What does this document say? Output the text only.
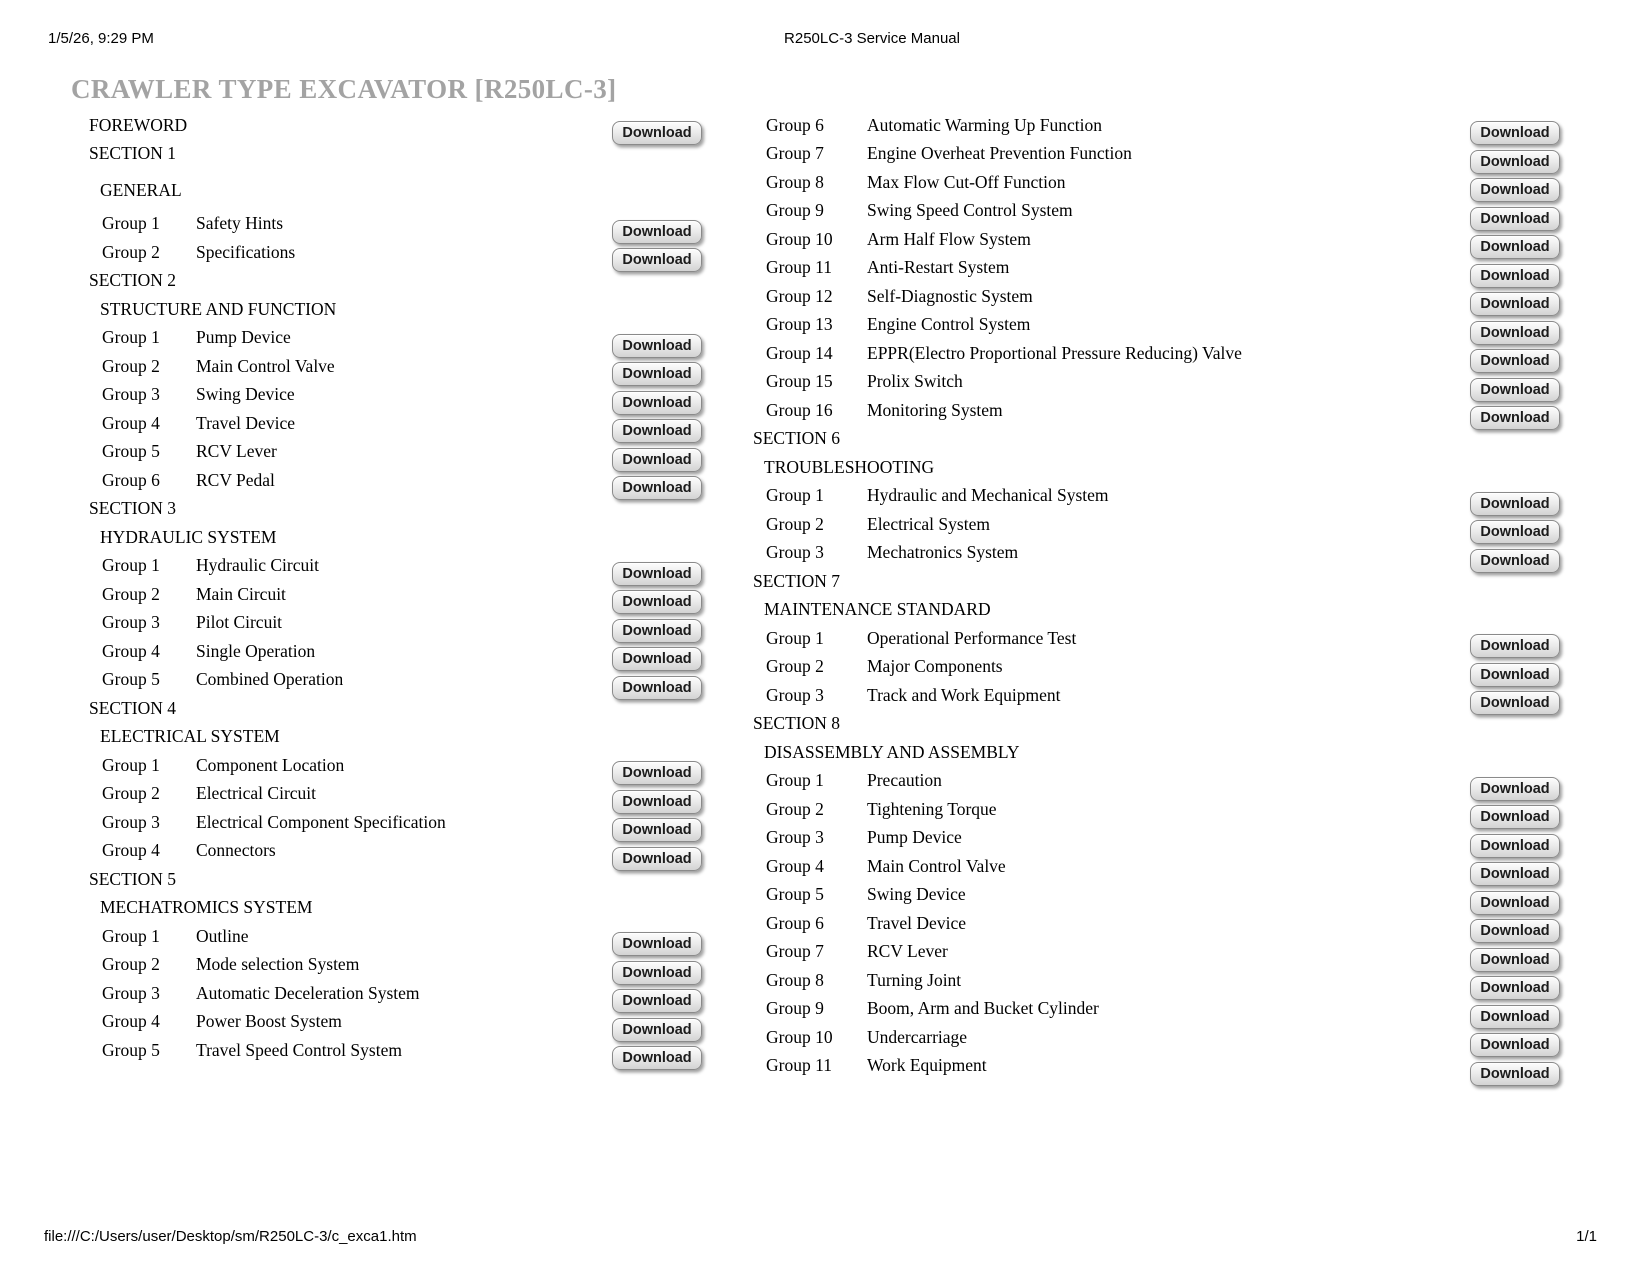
1/5/26, 9:29 PM	R250LC-3 Service Manual
CRAWLER TYPE EXCAVATOR [R250LC-3]
FOREWORD	Download
SECTION 1
GENERAL
Group 1	Safety Hints	Download
Group 2	Specifications	Download
SECTION 2
STRUCTURE AND FUNCTION
Group 1	Pump Device	Download
Group 2	Main Control Valve	Download
Group 3	Swing Device	Download
Group 4	Travel Device	Download
Group 5	RCV Lever	Download
Group 6	RCV Pedal	Download
SECTION 3
HYDRAULIC SYSTEM
Group 1	Hydraulic Circuit	Download
Group 2	Main Circuit	Download
Group 3	Pilot Circuit	Download
Group 4	Single Operation	Download
Group 5	Combined Operation	Download
SECTION 4
ELECTRICAL SYSTEM
Group 1	Component Location	Download
Group 2	Electrical Circuit	Download
Group 3	Electrical Component Specification	Download
Group 4	Connectors	Download
SECTION 5
MECHATROMICS SYSTEM
Group 1	Outline	Download
Group 2	Mode selection System	Download
Group 3	Automatic Deceleration System	Download
Group 4	Power Boost System	Download
Group 5	Travel Speed Control System	Download
Group 6	Automatic Warming Up Function	Download
Group 7	Engine Overheat Prevention Function	Download
Group 8	Max Flow Cut-Off Function	Download
Group 9	Swing Speed Control System	Download
Group 10	Arm Half Flow System	Download
Group 11	Anti-Restart System	Download
Group 12	Self-Diagnostic System	Download
Group 13	Engine Control System	Download
Group 14	EPPR(Electro Proportional Pressure Reducing) Valve	Download
Group 15	Prolix Switch	Download
Group 16	Monitoring System	Download
SECTION 6
TROUBLESHOOTING
Group 1	Hydraulic and Mechanical System	Download
Group 2	Electrical System	Download
Group 3	Mechatronics System	Download
SECTION 7
MAINTENANCE STANDARD
Group 1	Operational Performance Test	Download
Group 2	Major Components	Download
Group 3	Track and Work Equipment	Download
SECTION 8
DISASSEMBLY AND ASSEMBLY
Group 1	Precaution	Download
Group 2	Tightening Torque	Download
Group 3	Pump Device	Download
Group 4	Main Control Valve	Download
Group 5	Swing Device	Download
Group 6	Travel Device	Download
Group 7	RCV Lever	Download
Group 8	Turning Joint	Download
Group 9	Boom, Arm and Bucket Cylinder	Download
Group 10	Undercarriage	Download
Group 11	Work Equipment	Download
file:///C:/Users/user/Desktop/sm/R250LC-3/c_exca1.htm	1/1
